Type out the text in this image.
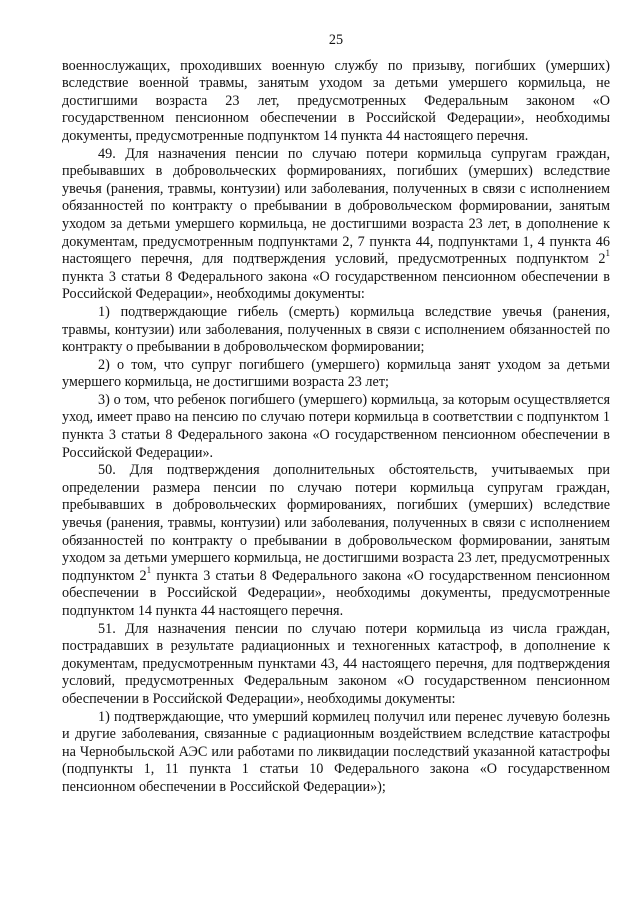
25

военнослужащих, проходивших военную службу по призыву, погибших (умерших) вследствие военной травмы, занятым уходом за детьми умершего кормильца, не достигшими возраста 23 лет, предусмотренных Федеральным законом «О государственном пенсионном обеспечении в Российской Федерации», необходимы документы, предусмотренные подпунктом 14 пункта 44 настоящего перечня.

49. Для назначения пенсии по случаю потери кормильца супругам граждан, пребывавших в добровольческих формированиях, погибших (умерших) вследствие увечья (ранения, травмы, контузии) или заболевания, полученных в связи с исполнением обязанностей по контракту о пребывании в добровольческом формировании, занятым уходом за детьми умершего кормильца, не достигшими возраста 23 лет, в дополнение к документам, предусмотренным подпунктами 2, 7 пункта 44, подпунктами 1, 4 пункта 46 настоящего перечня, для подтверждения условий, предусмотренных подпунктом $2^1$ пункта 3 статьи 8 Федерального закона «О государственном пенсионном обеспечении в Российской Федерации», необходимы документы:

1) подтверждающие гибель (смерть) кормильца вследствие увечья (ранения, травмы, контузии) или заболевания, полученных в связи с исполнением обязанностей по контракту о пребывании в добровольческом формировании;

2) о том, что супруг погибшего (умершего) кормильца занят уходом за детьми умершего кормильца, не достигшими возраста 23 лет;

3) о том, что ребенок погибшего (умершего) кормильца, за которым осуществляется уход, имеет право на пенсию по случаю потери кормильца в соответствии с подпунктом 1 пункта 3 статьи 8 Федерального закона «О государственном пенсионном обеспечении в Российской Федерации».

50. Для подтверждения дополнительных обстоятельств, учитываемых при определении размера пенсии по случаю потери кормильца супругам граждан, пребывавших в добровольческих формированиях, погибших (умерших) вследствие увечья (ранения, травмы, контузии) или заболевания, полученных в связи с исполнением обязанностей по контракту о пребывании в добровольческом формировании, занятым уходом за детьми умершего кормильца, не достигшими возраста 23 лет, предусмотренных подпунктом $2^1$ пункта 3 статьи 8 Федерального закона «О государственном пенсионном обеспечении в Российской Федерации», необходимы документы, предусмотренные подпунктом 14 пункта 44 настоящего перечня.

51. Для назначения пенсии по случаю потери кормильца из числа граждан, пострадавших в результате радиационных и техногенных катастроф, в дополнение к документам, предусмотренным пунктами 43, 44 настоящего перечня, для подтверждения условий, предусмотренных Федеральным законом «О государственном пенсионном обеспечении в Российской Федерации», необходимы документы:

1) подтверждающие, что умерший кормилец получил или перенес лучевую болезнь и другие заболевания, связанные с радиационным воздействием вследствие катастрофы на Чернобыльской АЭС или работами по ликвидации последствий указанной катастрофы (подпункты 1, 11 пункта 1 статьи 10 Федерального закона «О государственном пенсионном обеспечении в Российской Федерации»);
